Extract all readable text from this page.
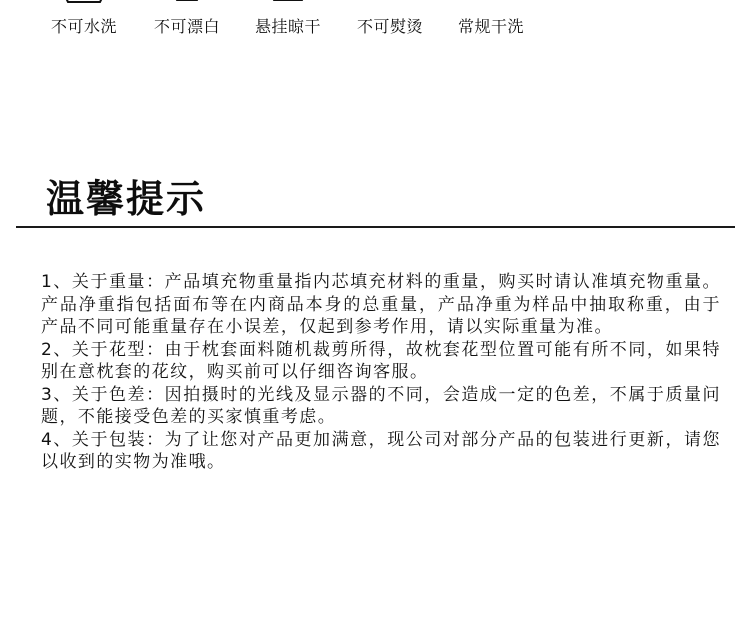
不可水洗	不可漂白	悬挂晾干	不可熨烫	常规干洗
温馨提示
1、关于重量：产品填充物重量指内芯填充材料的重量，购买时请认准填充物重量。产品净重指包括面布等在内商品本身的总重量，产品净重为样品中抽取称重，由于产品不同可能重量存在小误差，仅起到参考作用，请以实际重量为准。
2、关于花型：由于枕套面料随机裁剪所得，故枕套花型位置可能有所不同，如果特别在意枕套的花纹，购买前可以仔细咨询客服。
3、关于色差：因拍摄时的光线及显示器的不同，会造成一定的色差，不属于质量问题，不能接受色差的买家慎重考虑。
4、关于包装：为了让您对产品更加满意，现公司对部分产品的包装进行更新，请您以收到的实物为准哦。
